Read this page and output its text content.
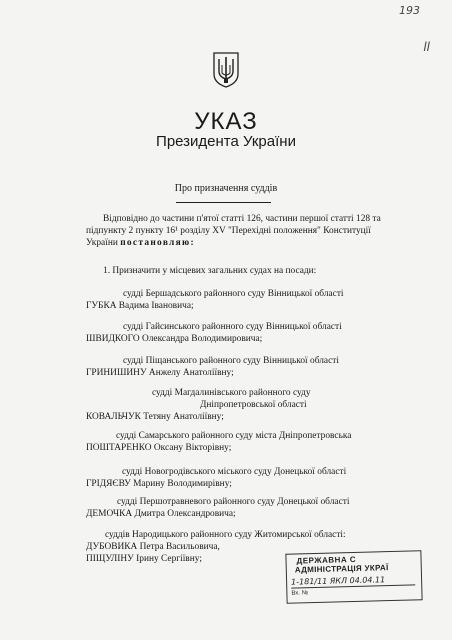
193
ll
УКАЗ
Президента України
Про призначення суддів
Відповідно до частини п'ятої статті 126, частини першої статті 128 та
підпункту 2 пункту 16¹ розділу XV "Перехідні положення" Конституції
України постановляю:
1. Призначити у місцевих загальних судах на посади:
судді Бершадського районного суду Вінницької області
ГУБКА Вадима Івановича;
судді Гайсинського районного суду Вінницької області
ШВИДКОГО Олександра Володимировича;
судді Піщанського районного суду Вінницької області
ГРИНИШИНУ Анжелу Анатоліївну;
судді Магдалинівського районного суду
Дніпропетровської області
КОВАЛЬЧУК Тетяну Анатоліївну;
судді Самарського районного суду міста Дніпропетровська
ПОШТАРЕНКО Оксану Вікторівну;
судді Новогродівського міського суду Донецької області
ГРІДЯЄВУ Марину Володимирівну;
судді Першотравневого районного суду Донецької області
ДЕМОЧКА Дмитра Олександровича;
суддів Народицького районного суду Житомирської області:
ДУБОВИКА Петра Васильовича,
ПІЩУЛІНУ Ірину Сергіївну;	ДЕРЖАВНА С
АДМІНІСТРАЦІЯ УКРАЇ
1-181/11 ЯКЛ 04.04.11
Вх. №
